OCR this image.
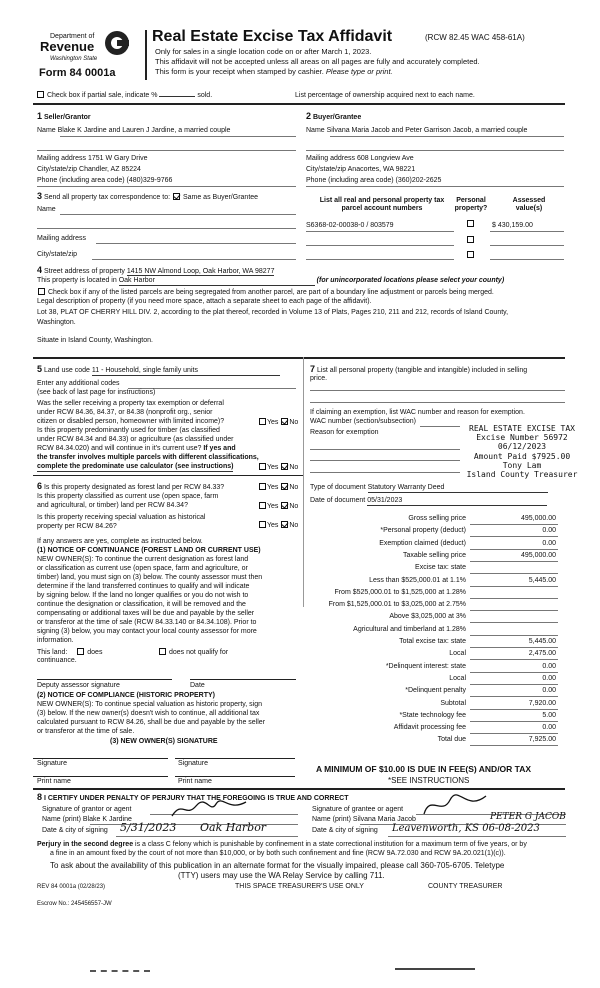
Department of
Revenue
Washington State
Form 84 0001a
Real Estate Excise Tax Affidavit	(RCW 82.45 WAC 458-61A)
Only for sales in a single location code on or after March 1, 2023.
This affidavit will not be accepted unless all areas on all pages are fully and accurately completed.
This form is your receipt when stamped by cashier. Please type or print.
Check box if partial sale, indicate %	sold.	List percentage of ownership acquired next to each name.
1 Seller/Grantor
Name Blake K Jardine and Lauren J Jardine, a married couple
Mailing address 1751 W Gary Drive
City/state/zip Chandler, AZ 85224
Phone (including area code) (480)329-9766
2 Buyer/Grantee
Name Silvana Maria Jacob and Peter Garrison Jacob, a married couple
Mailing address 608 Longview Ave
City/state/zip Anacortes, WA 98221
Phone (including area code) (360)202-2625
3 Send all property tax correspondence to: Same as Buyer/Grantee
Name
Mailing address
City/state/zip
List all real and personal property tax
parcel account numbers
Personal
property?
Assessed
value(s)
S6368-02-00038-0 / 803579	$ 430,159.00
4 Street address of property 1415 NW Almond Loop, Oak Harbor, WA 98277
This property is located in Oak Harbor	(for unincorporated locations please select your county)
Check box if any of the listed parcels are being segregated from another parcel, are part of a boundary line adjustment or parcels being merged.
Legal description of property (if you need more space, attach a separate sheet to each page of the affidavit).
Lot 38, PLAT OF CHERRY HILL DIV. 2, according to the plat thereof, recorded in Volume 13 of Plats, Pages 210, 211 and 212, records of Island County,
Washington.
Situate in Island County, Washington.
5 Land use code 11 - Household, single family units
Enter any additional codes
(see back of last page for instructions)
Was the seller receiving a property tax exemption or deferral
under RCW 84.36, 84.37, or 84.38 (nonprofit org., senior
citizen or disabled person, homeowner with limited income)?	Yes No
Is this property predominantly used for timber (as classified
under RCW 84.34 and 84.33) or agriculture (as classified under
RCW 84.34.020) and will continue in it's current use? If yes and
the transfer involves multiple parcels with different classifications,
complete the predominate use calculator (see instructions)	Yes No
6 Is this property designated as forest land per RCW 84.33?	Yes No
Is this property classified as current use (open space, farm
and agricultural, or timber) land per RCW 84.34?	Yes No
Is this property receiving special valuation as historical
property per RCW 84.26?	Yes No
If any answers are yes, complete as instructed below.
(1) NOTICE OF CONTINUANCE (FOREST LAND OR CURRENT USE)
NEW OWNER(S): To continue the current designation as forest land
or classification as current use (open space, farm and agriculture, or
timber) land, you must sign on (3) below. The county assessor must then
determine if the land transferred continues to qualify and will indicate
by signing below. If the land no longer qualifies or you do not wish to
continue the designation or classification, it will be removed and the
compensating or additional taxes will be due and payable by the seller
or transferor at the time of sale (RCW 84.33.140 or 84.34.108). Prior to
signing (3) below, you may contact your local county assessor for more
information.
This land:	does	does not qualify for
continuance.
Deputy assessor signature	Date
(2) NOTICE OF COMPLIANCE (HISTORIC PROPERTY)
NEW OWNER(S): To continue special valuation as historic property, sign
(3) below. If the new owner(s) doesn't wish to continue, all additional tax
calculated pursuant to RCW 84.26, shall be due and payable by the seller
or transferor at the time of sale.
(3) NEW OWNER(S) SIGNATURE
Signature	Signature
Print name	Print name
7 List all personal property (tangible and intangible) included in selling
price.
If claiming an exemption, list WAC number and reason for exemption.
WAC number (section/subsection)
Reason for exemption	REAL ESTATE EXCISE TAX
Excise Number 56972
06/12/2023
Amount Paid $7925.00
Tony Lam
Island County Treasurer
Type of document Statutory Warranty Deed
Date of document 05/31/2023
Gross selling price	495,000.00
*Personal property (deduct)	0.00
Exemption claimed (deduct)	0.00
Taxable selling price	495,000.00
Excise tax: state
Less than $525,000.01 at 1.1%	5,445.00
From $525,000.01 to $1,525,000 at 1.28%
From $1,525,000.01 to $3,025,000 at 2.75%
Above $3,025,000 at 3%
Agricultural and timberland at 1.28%
Total excise tax: state	5,445.00
Local	2,475.00
*Delinquent interest: state	0.00
Local	0.00
*Delinquent penalty	0.00
Subtotal	7,920.00
*State technology fee	5.00
Affidavit processing fee	0.00
Total due	7,925.00
A MINIMUM OF $10.00 IS DUE IN FEE(S) AND/OR TAX
*SEE INSTRUCTIONS
8 I CERTIFY UNDER PENALTY OF PERJURY THAT THE FOREGOING IS TRUE AND CORRECT
Signature of grantor or agent
Name (print) Blake K Jardine
Date & city of signing 5/31/2023 Oak Harbor
Signature of grantee or agent
Name (print) Silvana Maria Jacob	PETER G JACOB
Date & city of signing Leavenworth, KS 06-08-2023
Perjury in the second degree is a class C felony which is punishable by confinement in a state correctional institution for a maximum term of five years, or by
a fine in an amount fixed by the court of not more than $10,000, or by both such confinement and fine (RCW 9A.72.030 and RCW 9A.20.021(1)(c)).
To ask about the availability of this publication in an alternate format for the visually impaired, please call 360-705-6705. Teletype
(TTY) users may use the WA Relay Service by calling 711.
REV 84 0001a (02/28/23)	THIS SPACE TREASURER'S USE ONLY	COUNTY TREASURER
Escrow No.: 245456557-JW
